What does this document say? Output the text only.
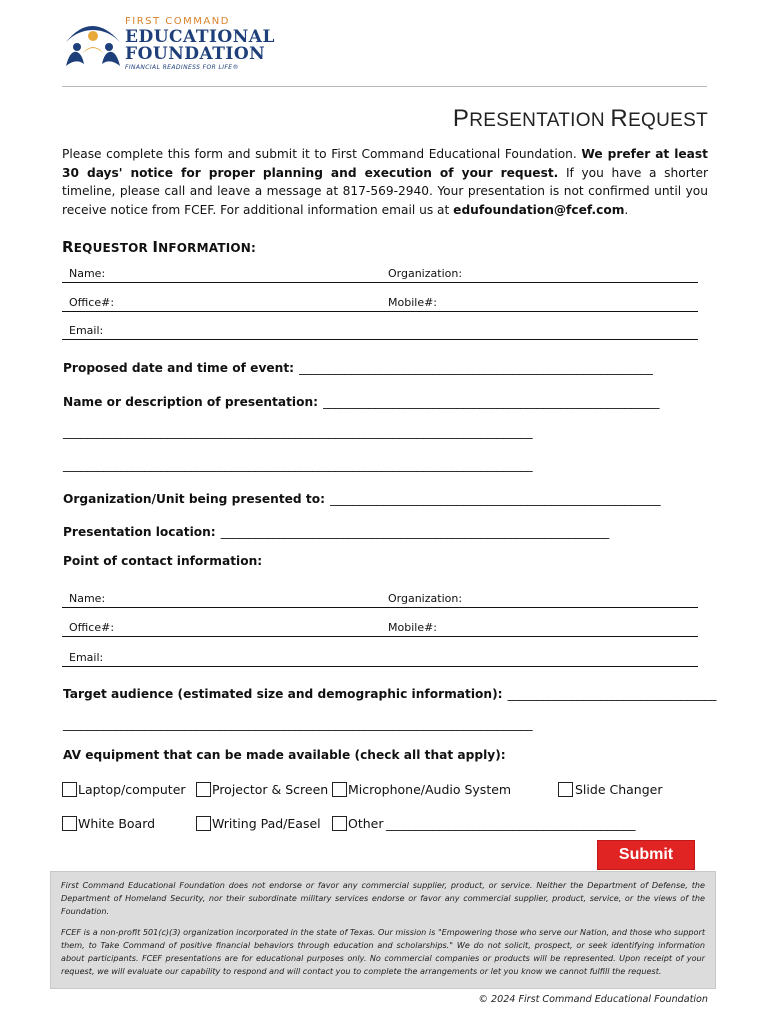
FIRST COMMAND
EDUCATIONAL
FOUNDATION
FINANCIAL READINESS FOR LIFE®
PRESENTATION REQUEST
Please complete this form and submit it to First Command Educational Foundation. We prefer at least 30 days' notice for proper planning and execution of your request. If you have a shorter timeline, please call and leave a message at 817-569-2940. Your presentation is not confirmed until you receive notice from FCEF. For additional information email us at edufoundation@fcef.com.
REQUESTOR INFORMATION:
Name:	Organization:
Office#:	Mobile#:
Email:
Proposed date and time of event: _____________________________________________________________
Name or description of presentation: __________________________________________________________
_________________________________________________________________________________
_________________________________________________________________________________
Organization/Unit being presented to: _________________________________________________________
Presentation location: ___________________________________________________________________
Point of contact information:
Name:	Organization:
Office#:	Mobile#:
Email:
Target audience (estimated size and demographic information): ____________________________________
_________________________________________________________________________________
AV equipment that can be made available (check all that apply):
Laptop/computer Projector & Screen Microphone/Audio System	Slide Changer
White Board	Writing Pad/Easel Other ___________________________________________
Submit

First Command Educational Foundation does not endorse or favor any commercial supplier, product, or service. Neither the Department of Defense, the Department of Homeland Security, nor their subordinate military services endorse or favor any commercial supplier, product, service, or the views of the Foundation.

FCEF is a non-profit 501(c)(3) organization incorporated in the state of Texas. Our mission is "Empowering those who serve our Nation, and those who support them, to Take Command of positive financial behaviors through education and scholarships." We do not solicit, prospect, or seek identifying information about participants. FCEF presentations are for educational purposes only. No commercial companies or products will be represented. Upon receipt of your request, we will evaluate our capability to respond and will contact you to complete the arrangements or let you know we cannot fulfill the request.

© 2024 First Command Educational Foundation
